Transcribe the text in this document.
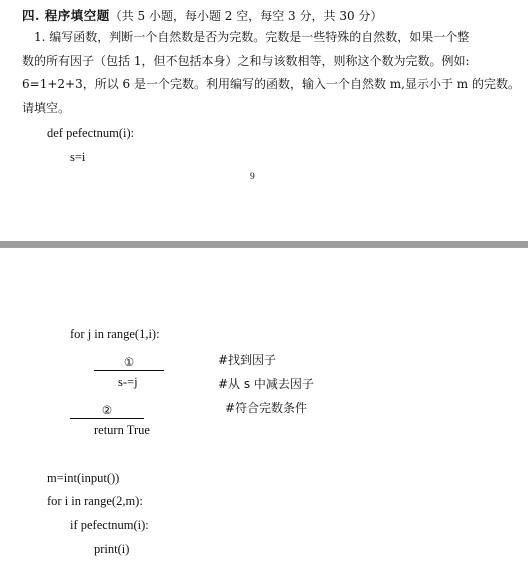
四. 程序填空题（共 5 小题，每小题 2 空，每空 3 分，共 30 分）
1. 编写函数，判断一个自然数是否为完数。完数是一些特殊的自然数，如果一个整
数的所有因子（包括 1，但不包括本身）之和与该数相等，则称这个数为完数。例如:
6=1+2+3，所以 6 是一个完数。利用编写的函数，输入一个自然数 m,显示小于 m 的完数。
请填空。
def pefectnum(i):
s=i
9
for j in range(1,i):
①	#找到因子
s-=j	#从 s 中减去因子
②	#符合完数条件
return True
m=int(input())
for i in range(2,m):
if pefectnum(i):
print(i)
